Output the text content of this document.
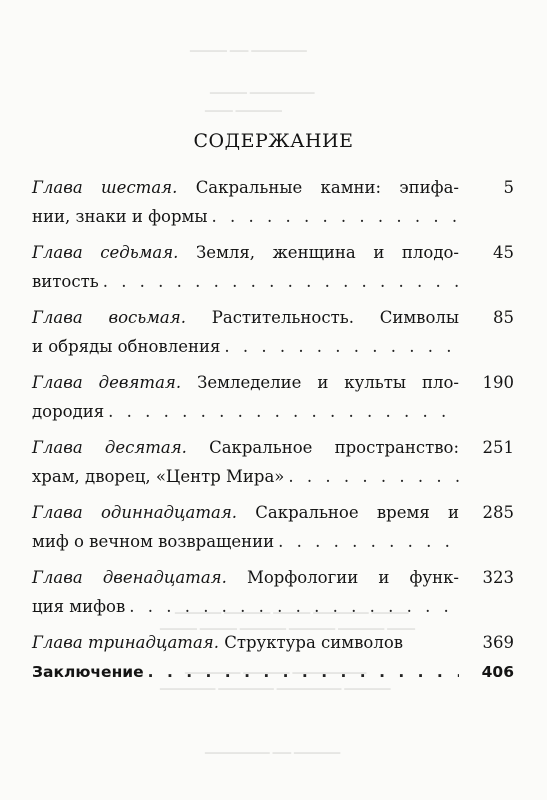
▁▁▁▁ ▁▁ ▁▁▁▁▁▁
▁▁▁▁ ▁▁▁▁▁▁▁
▁▁▁ ▁▁▁▁▁
▁▁▁▁▁ ▁▁▁▁▁ ▁▁▁▁ ▁▁▁▁▁▁ ▁▁▁▁
▁▁▁▁ ▁▁▁▁ ▁▁▁▁▁ ▁▁▁▁▁ ▁▁▁▁▁ ▁▁▁
▁▁▁▁▁▁ ▁▁▁▁▁ ▁▁▁▁▁▁▁▁
▁▁▁▁▁▁ ▁▁▁▁▁▁ ▁▁▁▁▁▁▁ ▁▁▁▁▁
▁▁▁▁▁▁▁ ▁▁ ▁▁▁▁▁
СОДЕРЖАНИЕ
Глава шестая. Сакральные камни: эпифа-
нии, знаки и формы
. . .
5
Глава седьмая. Земля, женщина и плодо-
витость
. . .
45
Глава восьмая. Растительность. Символы
и обряды обновления
. . .
85
Глава девятая. Земледелие и культы пло-
дородия
. . .
190
Глава десятая. Сакральное пространство:
храм, дворец, «Центр Мира»
. . .
251
Глава одиннадцатая. Сакральное время и
миф о вечном возвращении
. . .
285
Глава двенадцатая. Морфологии и функ-
ция мифов
. . .
323
Глава тринадцатая.
Структура символов	369
Заключение
. . .	406
